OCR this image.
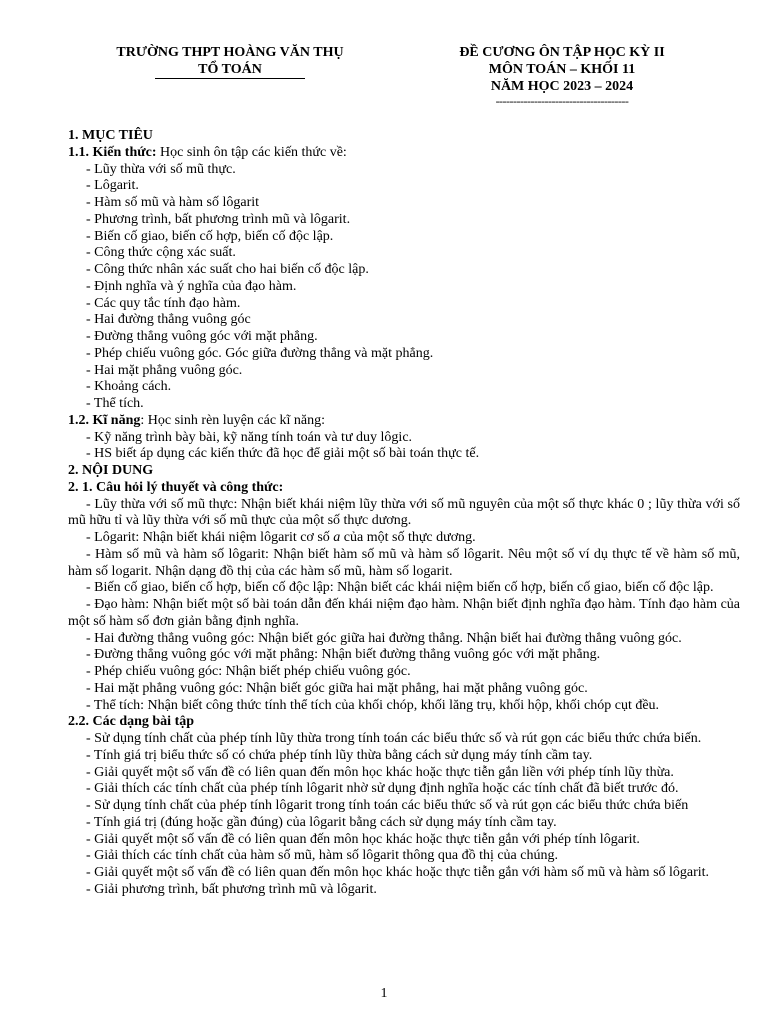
TRƯỜNG THPT HOÀNG VĂN THỤ
TỔ TOÁN
ĐỀ CƯƠNG ÔN TẬP HỌC KỲ II
MÔN TOÁN – KHỐI 11
NĂM HỌC 2023 – 2024
--------------------------------------

1. MỤC TIÊU

1.1. Kiến thức: Học sinh ôn tập các kiến thức về:

- Lũy thừa với số mũ thực.

- Lôgarit.

- Hàm số mũ và hàm số lôgarit

- Phương trình, bất phương trình mũ và lôgarit.

- Biến cố giao, biến cố hợp, biến cố độc lập.

- Công thức cộng xác suất.

- Công thức nhân xác suất cho hai biến cố độc lập.

- Định nghĩa và ý nghĩa của đạo hàm.

- Các quy tắc tính đạo hàm.

- Hai đường thẳng vuông góc

- Đường thẳng vuông góc với mặt phẳng.

- Phép chiếu vuông góc. Góc giữa đường thẳng và mặt phẳng.

- Hai mặt phẳng vuông góc.

- Khoảng cách.

- Thể tích.

1.2. Kĩ năng: Học sinh rèn luyện các kĩ năng:

- Kỹ năng trình bày bài, kỹ năng tính toán và tư duy lôgic.

- HS biết áp dụng các kiến thức đã học để giải một số bài toán thực tế.

2. NỘI DUNG

2. 1. Câu hỏi lý thuyết và công thức:

- Lũy thừa với số mũ thực: Nhận biết khái niệm lũy thừa với số mũ nguyên của một số thực khác 0 ; lũy thừa với số mũ hữu tỉ và lũy thừa với số mũ thực của một số thực dương.

- Lôgarit: Nhận biết khái niệm lôgarit cơ số a của một số thực dương.

- Hàm số mũ và hàm số lôgarit: Nhận biết hàm số mũ và hàm số lôgarit. Nêu một số ví dụ thực tế về hàm số mũ, hàm số logarit. Nhận dạng đồ thị của các hàm số mũ, hàm số logarit.

- Biến cố giao, biến cố hợp, biến cố độc lập: Nhận biết các khái niệm biến cố hợp, biến cố giao, biến cố độc lập.

- Đạo hàm: Nhận biết một số bài toán dẫn đến khái niệm đạo hàm. Nhận biết định nghĩa đạo hàm. Tính đạo hàm của một số hàm số đơn giản bằng định nghĩa.

- Hai đường thẳng vuông góc: Nhận biết góc giữa hai đường thẳng. Nhận biết hai đường thẳng vuông góc.

- Đường thẳng vuông góc với mặt phẳng: Nhận biết đường thẳng vuông góc với mặt phẳng.

- Phép chiếu vuông góc: Nhận biết phép chiếu vuông góc.

- Hai mặt phẳng vuông góc: Nhận biết góc giữa hai mặt phẳng, hai mặt phẳng vuông góc.

- Thể tích: Nhận biết công thức tính thể tích của khối chóp, khối lăng trụ, khối hộp, khối chóp cụt đều.

2.2. Các dạng bài tập

- Sử dụng tính chất của phép tính lũy thừa trong tính toán các biểu thức số và rút gọn các biểu thức chứa biến.

- Tính giá trị biểu thức số có chứa phép tính lũy thừa bằng cách sử dụng máy tính cầm tay.

- Giải quyết một số vấn đề có liên quan đến môn học khác hoặc thực tiễn gắn liền với phép tính lũy thừa.

- Giải thích các tính chất của phép tính lôgarit nhờ sử dụng định nghĩa hoặc các tính chất đã biết trước đó.

- Sử dụng tính chất của phép tính lôgarit trong tính toán các biểu thức số và rút gọn các biểu thức chứa biến

- Tính giá trị (đúng hoặc gần đúng) của lôgarit bằng cách sử dụng máy tính cầm tay.

- Giải quyết một số vấn đề có liên quan đến môn học khác hoặc thực tiễn gắn với phép tính lôgarit.

- Giải thích các tính chất của hàm số mũ, hàm số lôgarit thông qua đồ thị của chúng.

- Giải quyết một số vấn đề có liên quan đến môn học khác hoặc thực tiễn gắn với hàm số mũ và hàm số lôgarit.

- Giải phương trình, bất phương trình mũ và lôgarit.

1
